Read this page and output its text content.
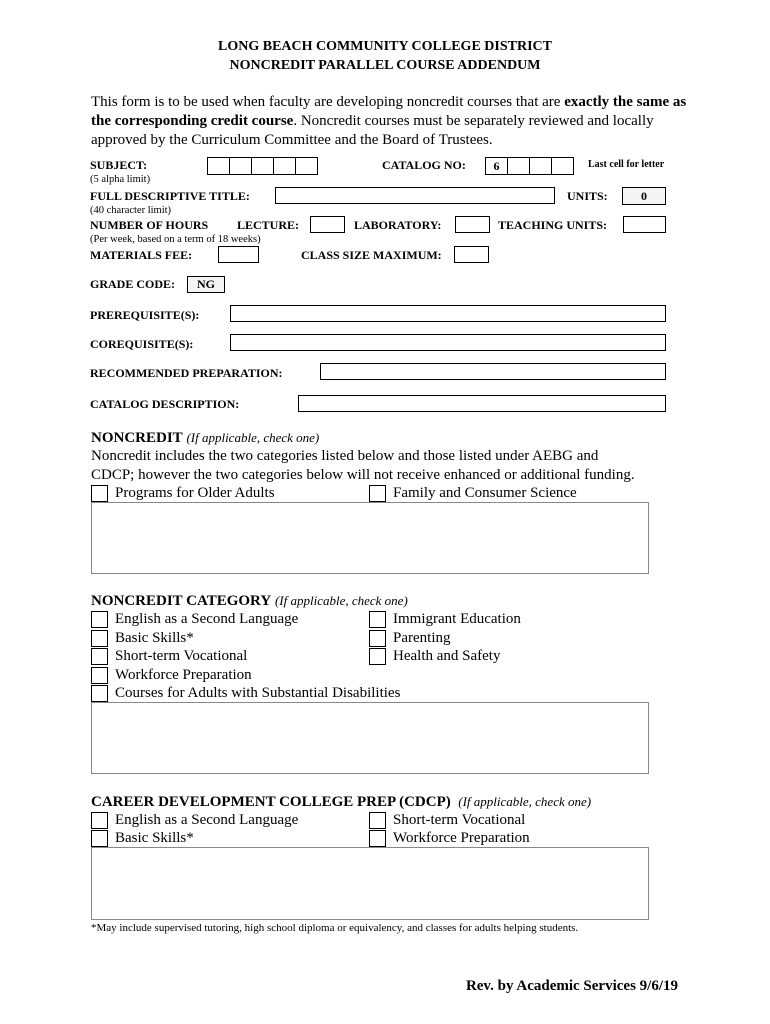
LONG BEACH COMMUNITY COLLEGE DISTRICT
NONCREDIT PARALLEL COURSE ADDENDUM
This form is to be used when faculty are developing noncredit courses that are exactly the same as the corresponding credit course. Noncredit courses must be separately reviewed and locally approved by the Curriculum Committee and the Board of Trustees.
SUBJECT:
(5 alpha limit)
CATALOG NO:	6	Last cell for letter
FULL DESCRIPTIVE TITLE:
(40 character limit)
UNITS:	0
NUMBER OF HOURS LECTURE:	LABORATORY:	TEACHING UNITS:
(Per week, based on a term of 18 weeks)
MATERIALS FEE:	CLASS SIZE MAXIMUM:
GRADE CODE:	NG
PREREQUISITE(S):
COREQUISITE(S):
RECOMMENDED PREPARATION:
CATALOG DESCRIPTION:
NONCREDIT (If applicable, check one)
Noncredit includes the two categories listed below and those listed under AEBG and
CDCP; however the two categories below will not receive enhanced or additional funding.
Programs for Older Adults	Family and Consumer Science
NONCREDIT CATEGORY (If applicable, check one)
English as a Second Language
Basic Skills*
Short-term Vocational
Workforce Preparation
Courses for Adults with Substantial Disabilities
Immigrant Education
Parenting
Health and Safety
CAREER DEVELOPMENT COLLEGE PREP (CDCP) (If applicable, check one)
English as a Second Language
Basic Skills*
Short-term Vocational
Workforce Preparation
*May include supervised tutoring, high school diploma or equivalency, and classes for adults helping students.
Rev. by Academic Services 9/6/19
